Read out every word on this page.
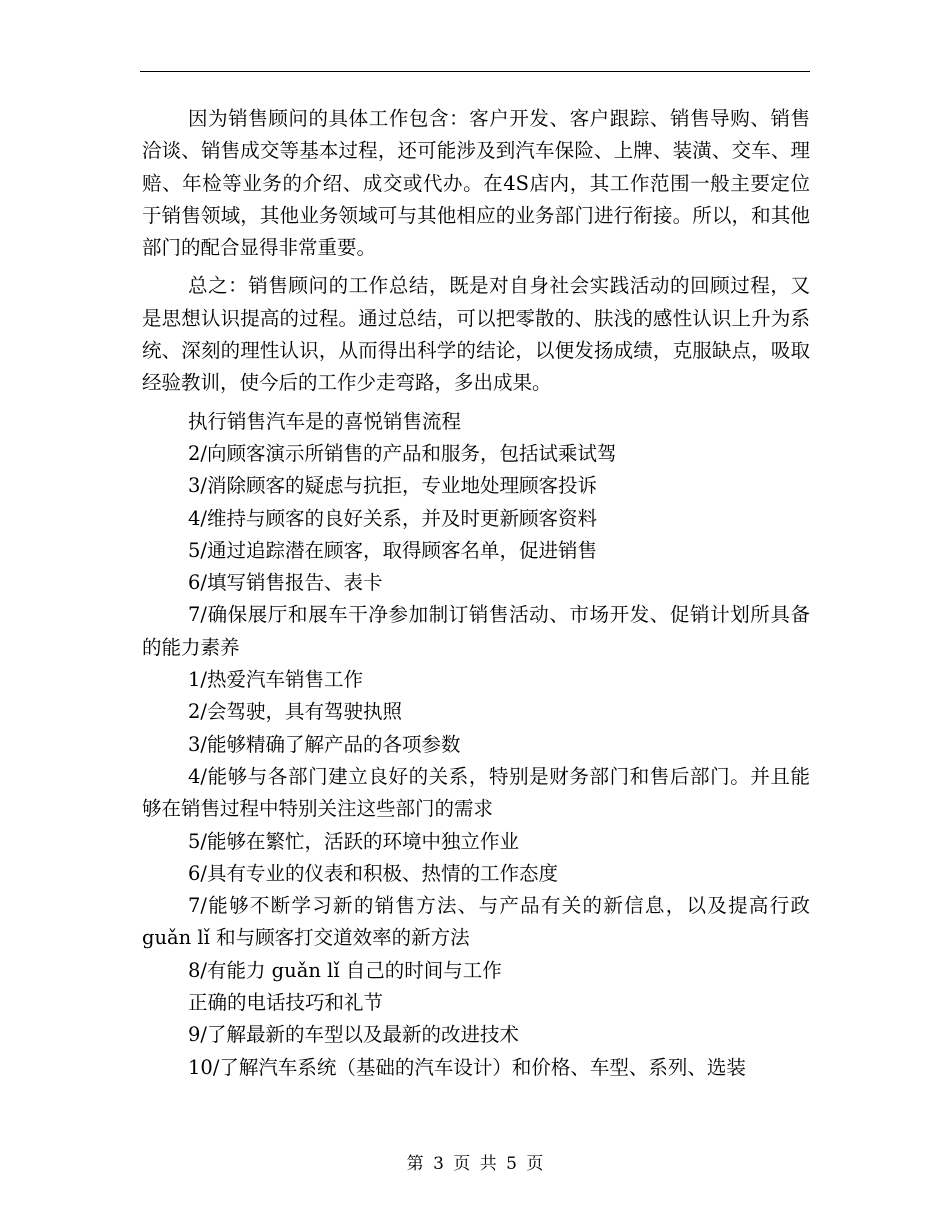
因为销售顾问的具体工作包含：客户开发、客户跟踪、销售导购、销售洽谈、销售成交等基本过程，还可能涉及到汽车保险、上牌、装潢、交车、理赔、年检等业务的介绍、成交或代办。在4S店内，其工作范围一般主要定位于销售领域，其他业务领域可与其他相应的业务部门进行衔接。所以，和其他部门的配合显得非常重要。

总之：销售顾问的工作总结，既是对自身社会实践活动的回顾过程，又是思想认识提高的过程。通过总结，可以把零散的、肤浅的感性认识上升为系统、深刻的理性认识，从而得出科学的结论，以便发扬成绩，克服缺点，吸取经验教训，使今后的工作少走弯路，多出成果。

执行销售汽车是的喜悦销售流程

2/向顾客演示所销售的产品和服务，包括试乘试驾

3/消除顾客的疑虑与抗拒，专业地处理顾客投诉

4/维持与顾客的良好关系，并及时更新顾客资料

5/通过追踪潜在顾客，取得顾客名单，促进销售

6/填写销售报告、表卡

7/确保展厅和展车干净参加制订销售活动、市场开发、促销计划所具备的能力素养

1/热爱汽车销售工作

2/会驾驶，具有驾驶执照

3/能够精确了解产品的各项参数

4/能够与各部门建立良好的关系，特别是财务部门和售后部门。并且能够在销售过程中特别关注这些部门的需求

5/能够在繁忙，活跃的环境中独立作业

6/具有专业的仪表和积极、热情的工作态度

7/能够不断学习新的销售方法、与产品有关的新信息，以及提高行政 guǎn lǐ 和与顾客打交道效率的新方法

8/有能力 guǎn lǐ 自己的时间与工作

正确的电话技巧和礼节

9/了解最新的车型以及最新的改进技术

10/了解汽车系统（基础的汽车设计）和价格、车型、系列、选装

第 3 页 共 5 页
